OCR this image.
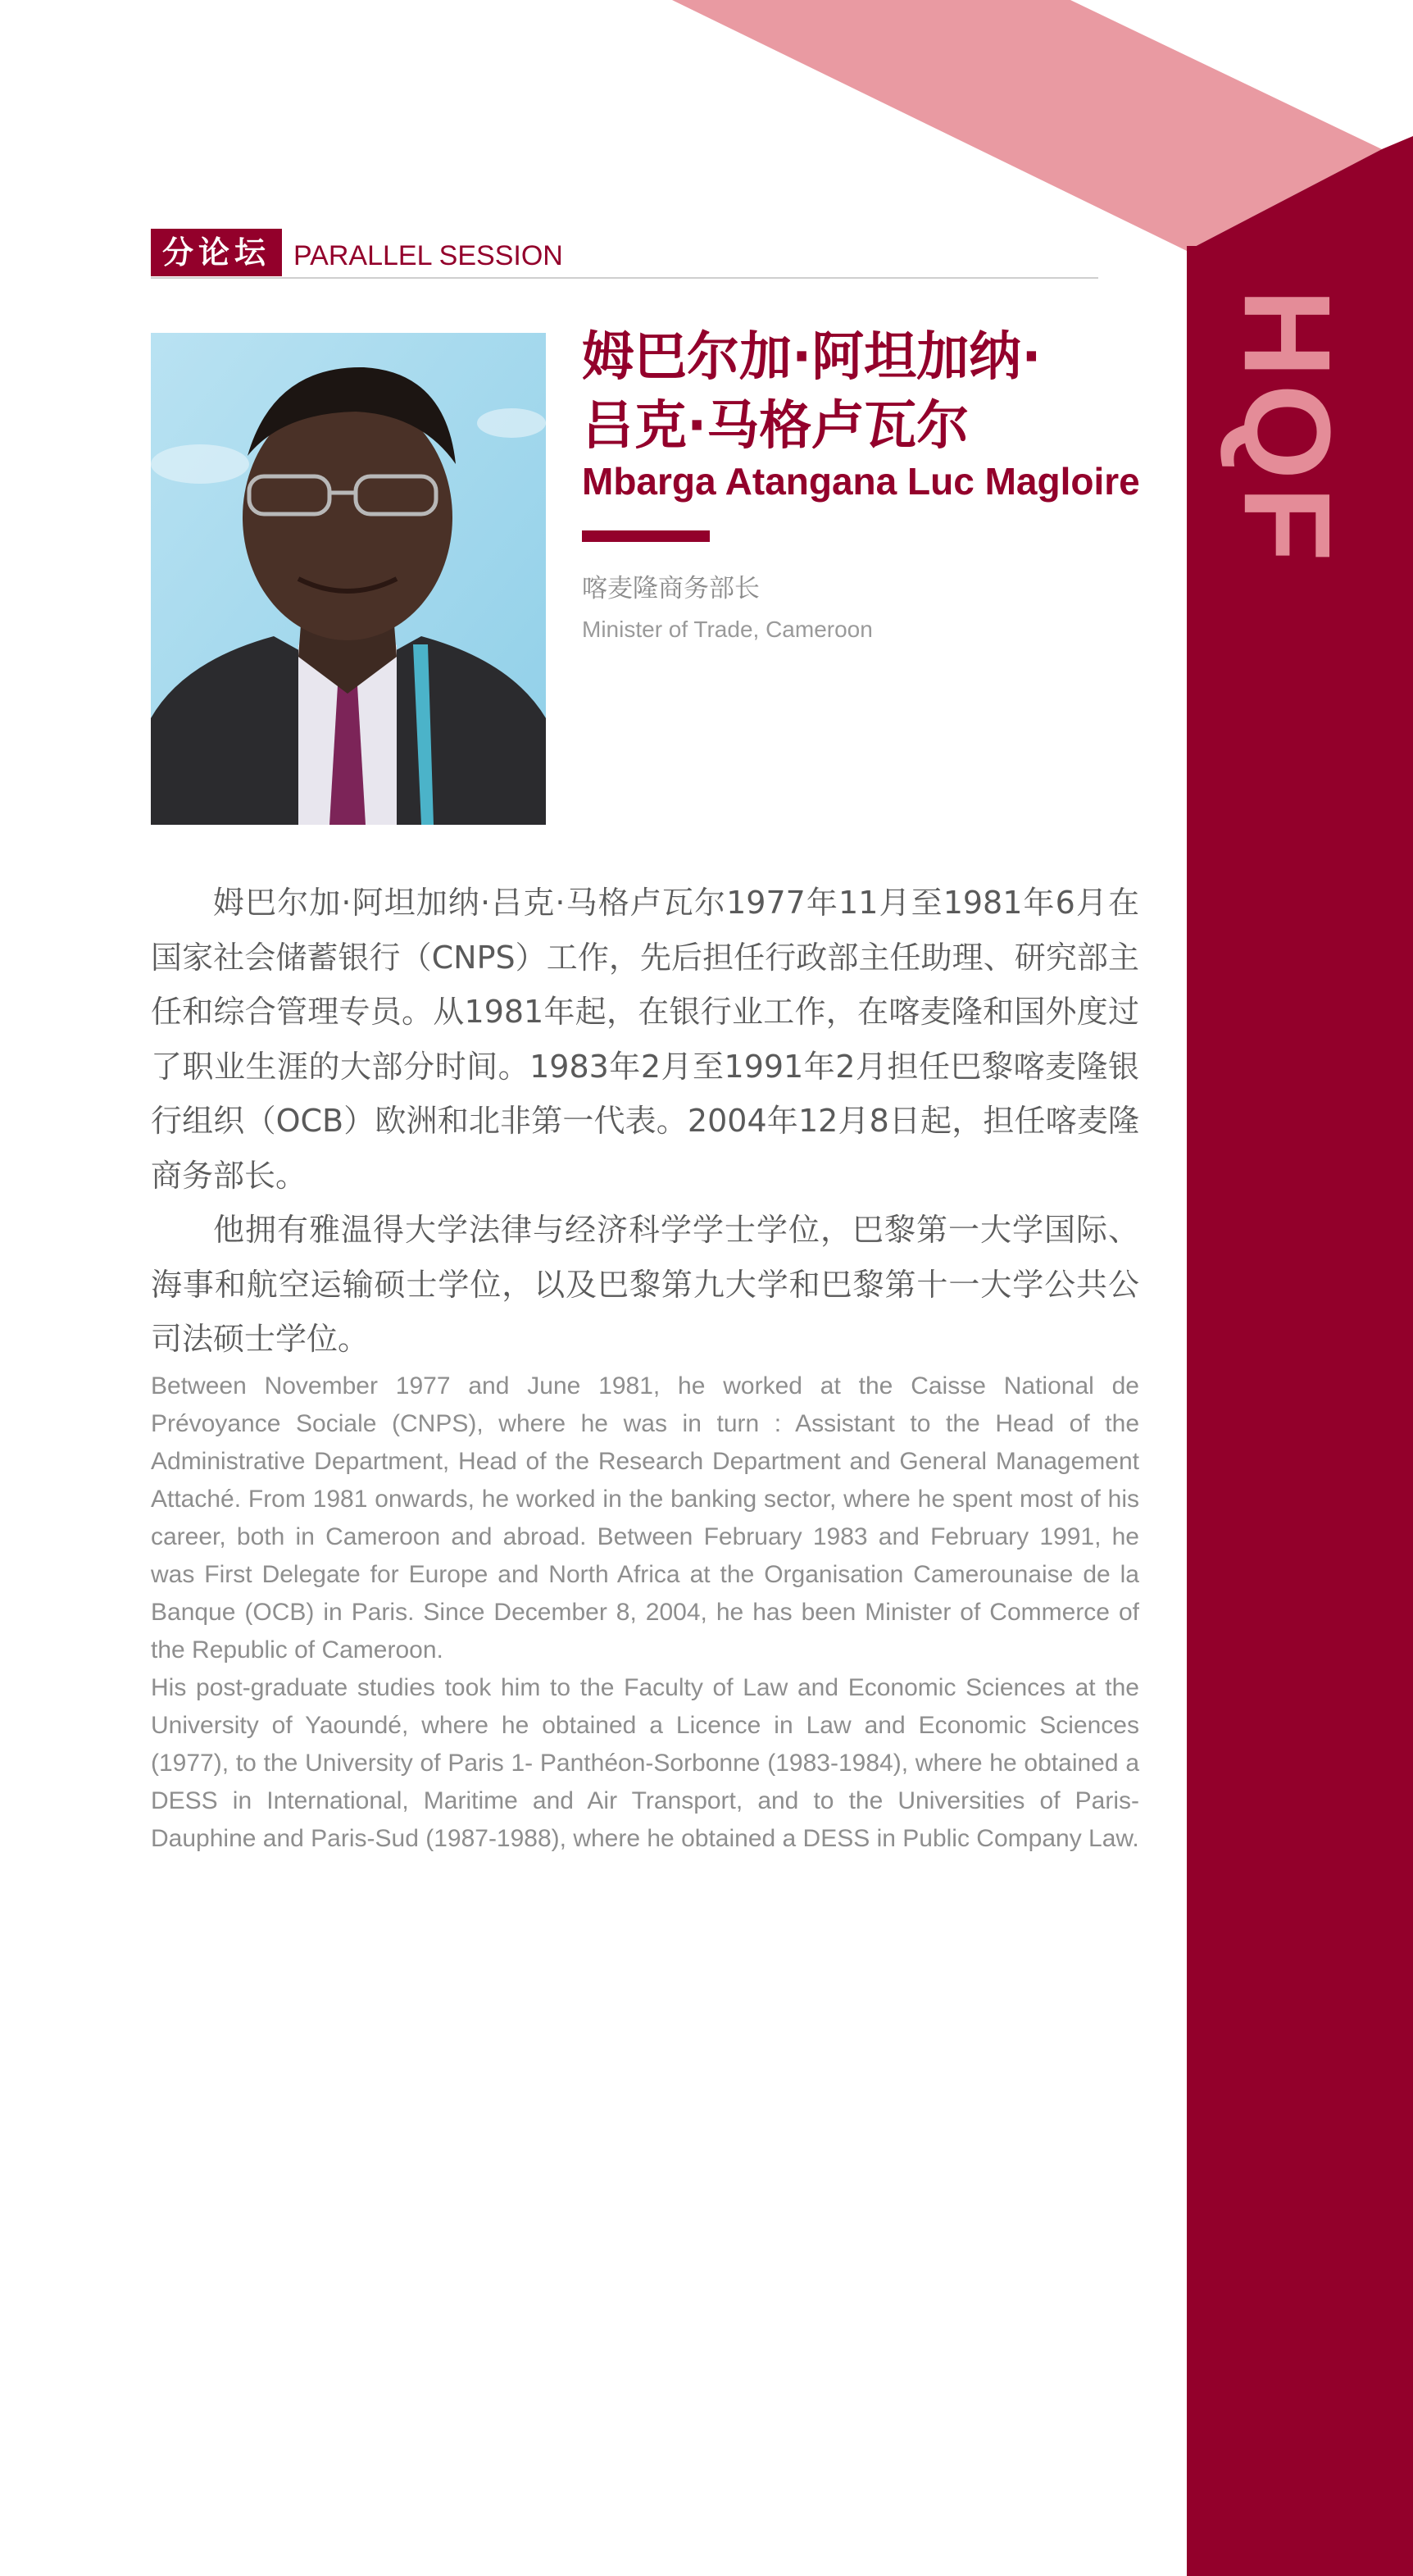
HQF
分论坛 PARALLEL SESSION
姆巴尔加·阿坦加纳·
吕克·马格卢瓦尔
Mbarga Atangana Luc Magloire
喀麦隆商务部长
Minister of Trade, Cameroon

姆巴尔加·阿坦加纳·吕克·马格卢瓦尔1977年11月至1981年6月在国家社会储蓄银行（CNPS）工作，先后担任行政部主任助理、研究部主任和综合管理专员。从1981年起，在银行业工作，在喀麦隆和国外度过了职业生涯的大部分时间。1983年2月至1991年2月担任巴黎喀麦隆银行组织（OCB）欧洲和北非第一代表。2004年12月8日起，担任喀麦隆商务部长。

他拥有雅温得大学法律与经济科学学士学位，巴黎第一大学国际、海事和航空运输硕士学位，以及巴黎第九大学和巴黎第十一大学公共公司法硕士学位。

Between November 1977 and June 1981, he worked at the Caisse National de Prévoyance Sociale (CNPS), where he was in turn : Assistant to the Head of the Administrative Department, Head of the Research Department and General Management Attaché. From 1981 onwards, he worked in the banking sector, where he spent most of his career, both in Cameroon and abroad. Between February 1983 and February 1991, he was First Delegate for Europe and North Africa at the Organisation Camerounaise de la Banque (OCB) in Paris. Since December 8, 2004, he has been Minister of Commerce of the Republic of Cameroon.

His post-graduate studies took him to the Faculty of Law and Economic Sciences at the University of Yaoundé, where he obtained a Licence in Law and Economic Sciences (1977), to the University of Paris 1- Panthéon-Sorbonne (1983-1984), where he obtained a DESS in International, Maritime and Air Transport, and to the Universities of Paris-Dauphine and Paris-Sud (1987-1988), where he obtained a DESS in Public Company Law.
